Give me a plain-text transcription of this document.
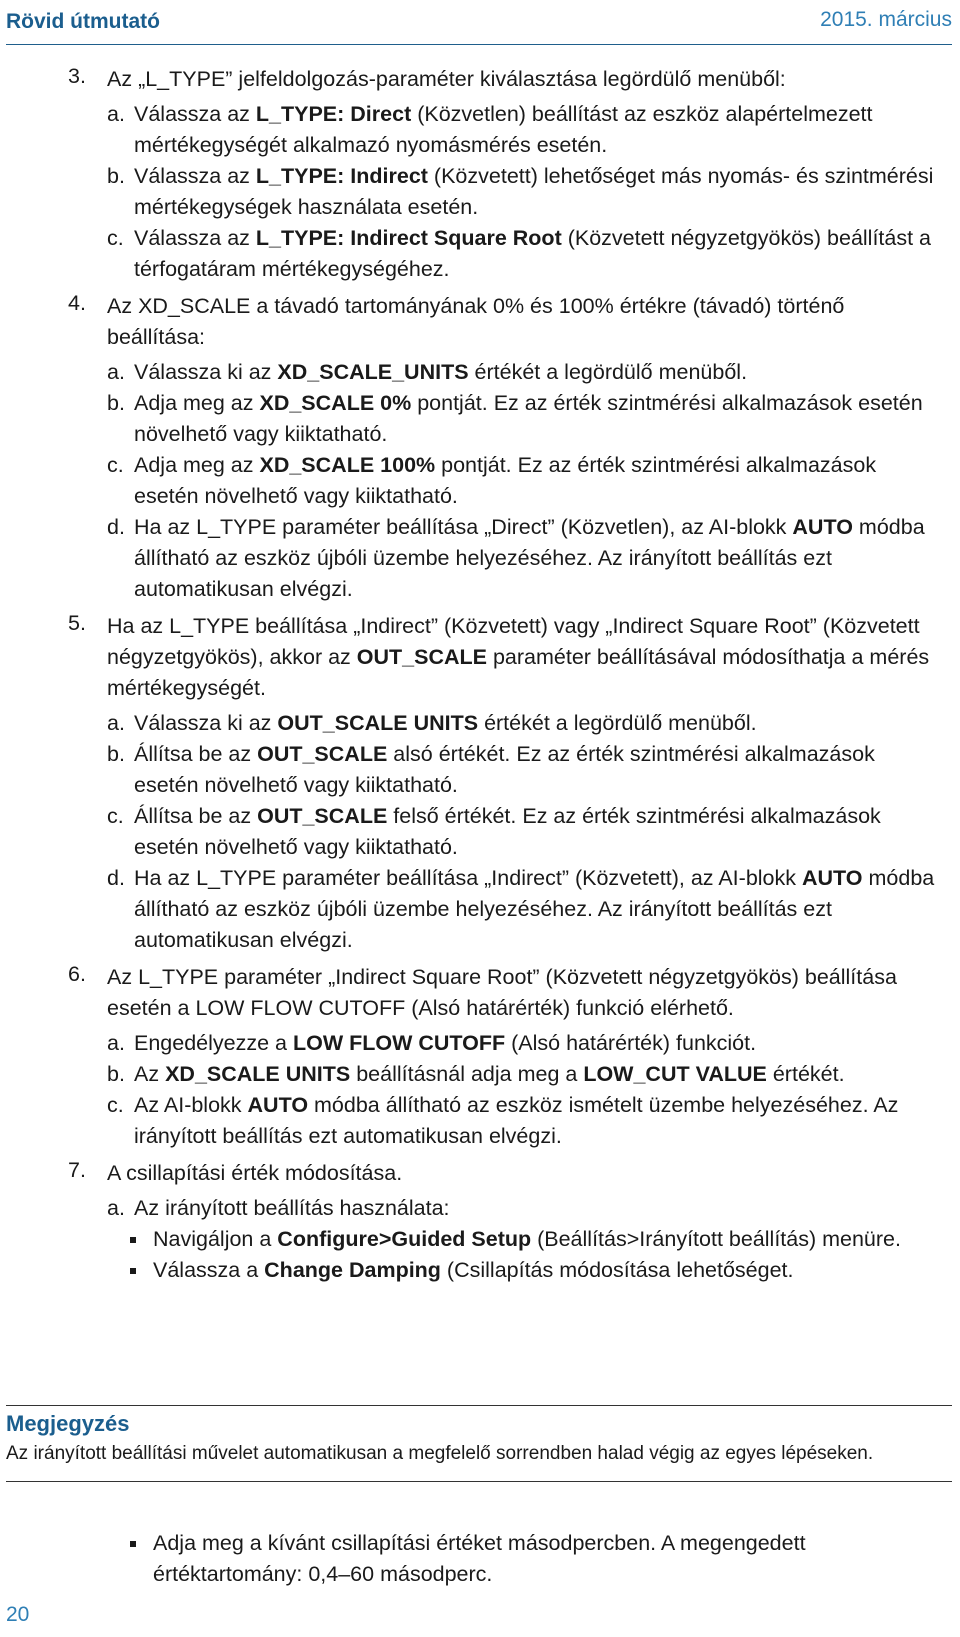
Rövid útmutató	2015. március
3. Az „L_TYPE” jelfeldolgozás-paraméter kiválasztása legördülő menüből:
a. Válassza az L_TYPE: Direct (Közvetlen) beállítást az eszköz alapértelmezett mértékegységét alkalmazó nyomásmérés esetén.
b. Válassza az L_TYPE: Indirect (Közvetett) lehetőséget más nyomás- és szintmérési mértékegységek használata esetén.
c. Válassza az L_TYPE: Indirect Square Root (Közvetett négyzetgyökös) beállítást a térfogatáram mértékegységéhez.
4. Az XD_SCALE a távadó tartományának 0% és 100% értékre (távadó) történő beállítása:
a. Válassza ki az XD_SCALE_UNITS értékét a legördülő menüből.
b. Adja meg az XD_SCALE 0% pontját. Ez az érték szintmérési alkalmazások esetén növelhető vagy kiiktatható.
c. Adja meg az XD_SCALE 100% pontját. Ez az érték szintmérési alkalmazások esetén növelhető vagy kiiktatható.
d. Ha az L_TYPE paraméter beállítása „Direct” (Közvetlen), az AI-blokk AUTO módba állítható az eszköz újbóli üzembe helyezéséhez. Az irányított beállítás ezt automatikusan elvégzi.
5. Ha az L_TYPE beállítása „Indirect” (Közvetett) vagy „Indirect Square Root” (Közvetett négyzetgyökös), akkor az OUT_SCALE paraméter beállításával módosíthatja a mérés mértékegységét.
a. Válassza ki az OUT_SCALE UNITS értékét a legördülő menüből.
b. Állítsa be az OUT_SCALE alsó értékét. Ez az érték szintmérési alkalmazások esetén növelhető vagy kiiktatható.
c. Állítsa be az OUT_SCALE felső értékét. Ez az érték szintmérési alkalmazások esetén növelhető vagy kiiktatható.
d. Ha az L_TYPE paraméter beállítása „Indirect” (Közvetett), az AI-blokk AUTO módba állítható az eszköz újbóli üzembe helyezéséhez. Az irányított beállítás ezt automatikusan elvégzi.
6. Az L_TYPE paraméter „Indirect Square Root” (Közvetett négyzetgyökös) beállítása esetén a LOW FLOW CUTOFF (Alsó határérték) funkció elérhető.
a. Engedélyezze a LOW FLOW CUTOFF (Alsó határérték) funkciót.
b. Az XD_SCALE UNITS beállításnál adja meg a LOW_CUT VALUE értékét.
c. Az AI-blokk AUTO módba állítható az eszköz ismételt üzembe helyezéséhez. Az irányított beállítás ezt automatikusan elvégzi.
7. A csillapítási érték módosítása.
a. Az irányított beállítás használata:
Navigáljon a Configure>Guided Setup (Beállítás>Irányított beállítás) menüre.
Válassza a Change Damping (Csillapítás módosítása lehetőséget.
Megjegyzés
Az irányított beállítási művelet automatikusan a megfelelő sorrendben halad végig az egyes lépéseken.
Adja meg a kívánt csillapítási értéket másodpercben. A megengedett értéktartomány: 0,4–60 másodperc.
20
